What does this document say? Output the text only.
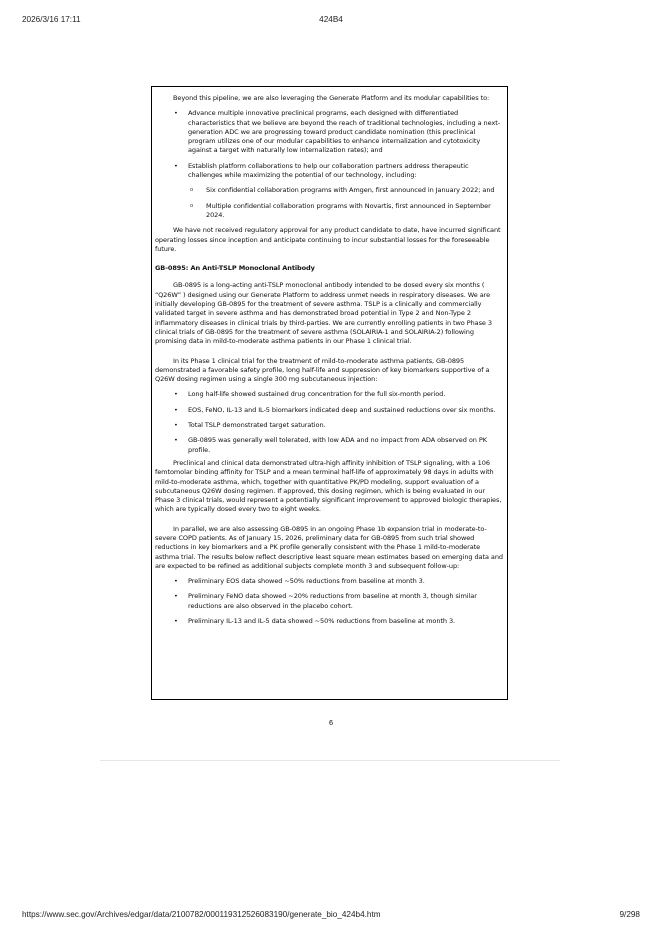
2026/3/16 17:11	424B4

Beyond this pipeline, we are also leveraging the Generate Platform and its modular capabilities to:

• Advance multiple innovative preclinical programs, each designed with differentiated characteristics that we believe are beyond the reach of traditional technologies, including a next-generation ADC we are progressing toward product candidate nomination (this preclinical program utilizes one of our modular capabilities to enhance internalization and cytotoxicity against a target with naturally low internalization rates); and
• Establish platform collaborations to help our collaboration partners address therapeutic challenges while maximizing the potential of our technology, including:
o Six confidential collaboration programs with Amgen, first announced in January 2022; and
o Multiple confidential collaboration programs with Novartis, first announced in September 2024.

We have not received regulatory approval for any product candidate to date, have incurred significant operating losses since inception and anticipate continuing to incur substantial losses for the foreseeable future.

GB-0895: An Anti-TSLP Monoclonal Antibody

GB-0895 is a long-acting anti-TSLP monoclonal antibody intended to be dosed every six months ( “Q26W” ) designed using our Generate Platform to address unmet needs in respiratory diseases. We are initially developing GB-0895 for the treatment of severe asthma. TSLP is a clinically and commercially validated target in severe asthma and has demonstrated broad potential in Type 2 and Non-Type 2 inflammatory diseases in clinical trials by third-parties. We are currently enrolling patients in two Phase 3 clinical trials of GB-0895 for the treatment of severe asthma (SOLAIRIA-1 and SOLAIRIA-2) following promising data in mild-to-moderate asthma patients in our Phase 1 clinical trial.

In its Phase 1 clinical trial for the treatment of mild-to-moderate asthma patients, GB-0895 demonstrated a favorable safety profile, long half-life and suppression of key biomarkers supportive of a Q26W dosing regimen using a single 300 mg subcutaneous injection:

• Long half-life showed sustained drug concentration for the full six-month period.
• EOS, FeNO, IL-13 and IL-5 biomarkers indicated deep and sustained reductions over six months.
• Total TSLP demonstrated target saturation.
• GB-0895 was generally well tolerated, with low ADA and no impact from ADA observed on PK profile.

Preclinical and clinical data demonstrated ultra-high affinity inhibition of TSLP signaling, with a 106 femtomolar binding affinity for TSLP and a mean terminal half-life of approximately 98 days in adults with mild-to-moderate asthma, which, together with quantitative PK/PD modeling, support evaluation of a subcutaneous Q26W dosing regimen. If approved, this dosing regimen, which is being evaluated in our Phase 3 clinical trials, would represent a potentially significant improvement to approved biologic therapies, which are typically dosed every two to eight weeks.

In parallel, we are also assessing GB-0895 in an ongoing Phase 1b expansion trial in moderate-to-severe COPD patients. As of January 15, 2026, preliminary data for GB-0895 from such trial showed reductions in key biomarkers and a PK profile generally consistent with the Phase 1 mild-to-moderate asthma trial. The results below reflect descriptive least square mean estimates based on emerging data and are expected to be refined as additional subjects complete month 3 and subsequent follow-up:

• Preliminary EOS data showed ~50% reductions from baseline at month 3.
• Preliminary FeNO data showed ~20% reductions from baseline at month 3, though similar reductions are also observed in the placebo cohort.
• Preliminary IL-13 and IL-5 data showed ~50% reductions from baseline at month 3.
6
https://www.sec.gov/Archives/edgar/data/2100782/000119312526083190/generate_bio_424b4.htm	9/298
